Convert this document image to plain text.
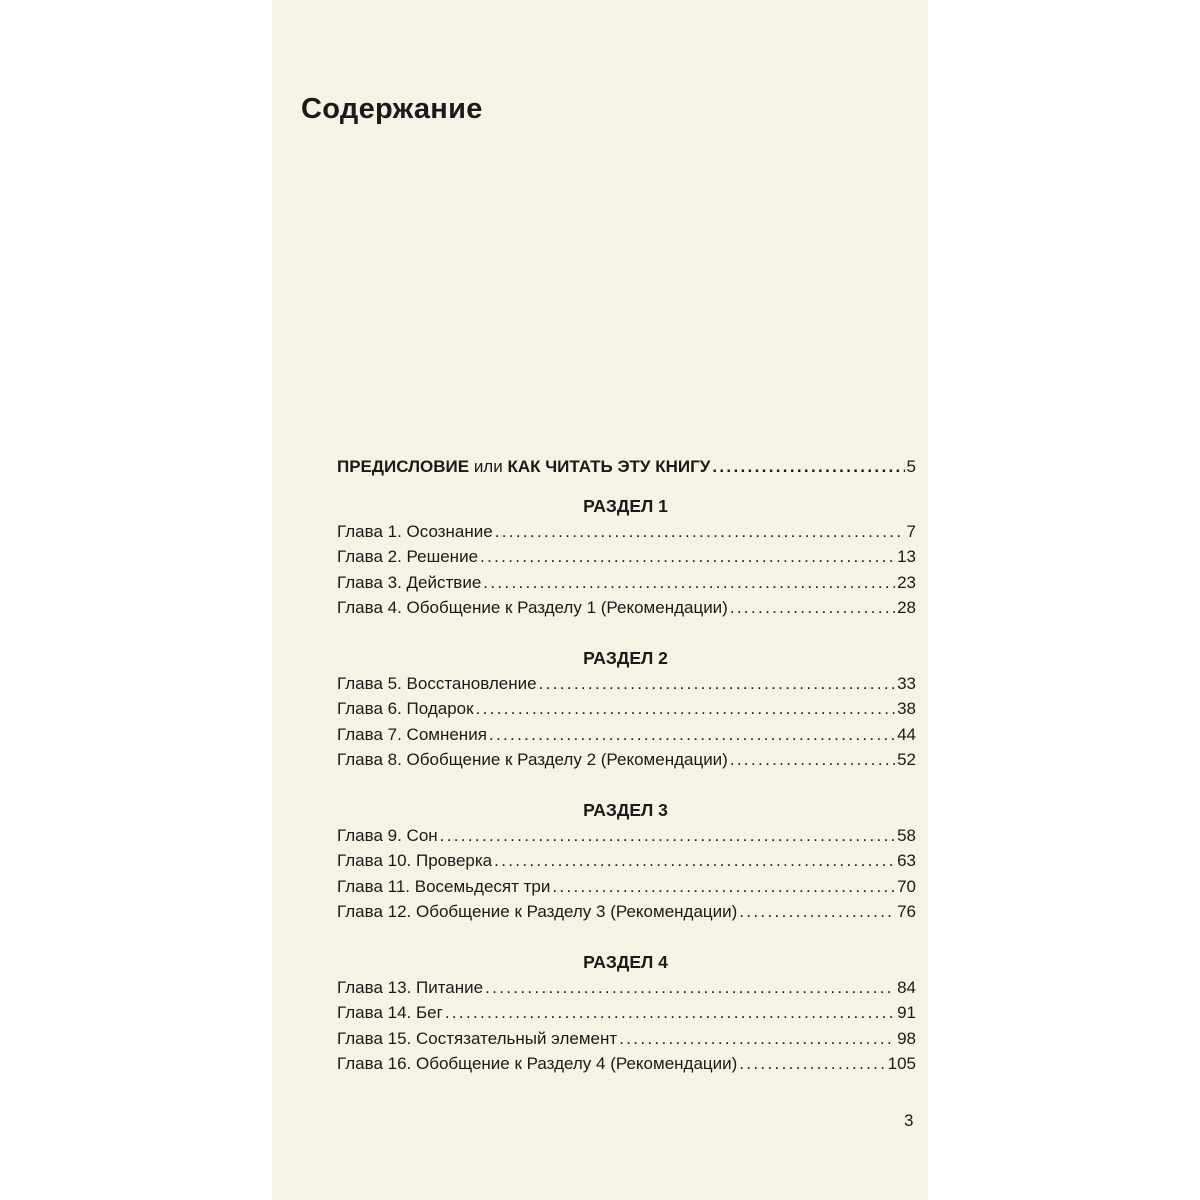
Содержание
ПРЕДИСЛОВИЕ или КАК ЧИТАТЬ ЭТУ КНИГУ . . .	5
РАЗДЕЛ 1
Глава 1. Осознание . . .	7
Глава 2. Решение . . .	13
Глава 3. Действие . . .	23
Глава 4. Обобщение к Разделу 1 (Рекомендации) . . .	28
РАЗДЕЛ 2
Глава 5. Восстановление . . .	33
Глава 6. Подарок . . .	38
Глава 7. Сомнения . . .	44
Глава 8. Обобщение к Разделу 2 (Рекомендации) . . .	52
РАЗДЕЛ 3
Глава 9. Сон . . .	58
Глава 10. Проверка . . .	63
Глава 11. Восемьдесят три . . .	70
Глава 12. Обобщение к Разделу 3 (Рекомендации) . . .	76
РАЗДЕЛ 4
Глава 13. Питание . . .	84
Глава 14. Бег . . .	91
Глава 15. Состязательный элемент . . .	98
Глава 16. Обобщение к Разделу 4 (Рекомендации) . . .	105
3
